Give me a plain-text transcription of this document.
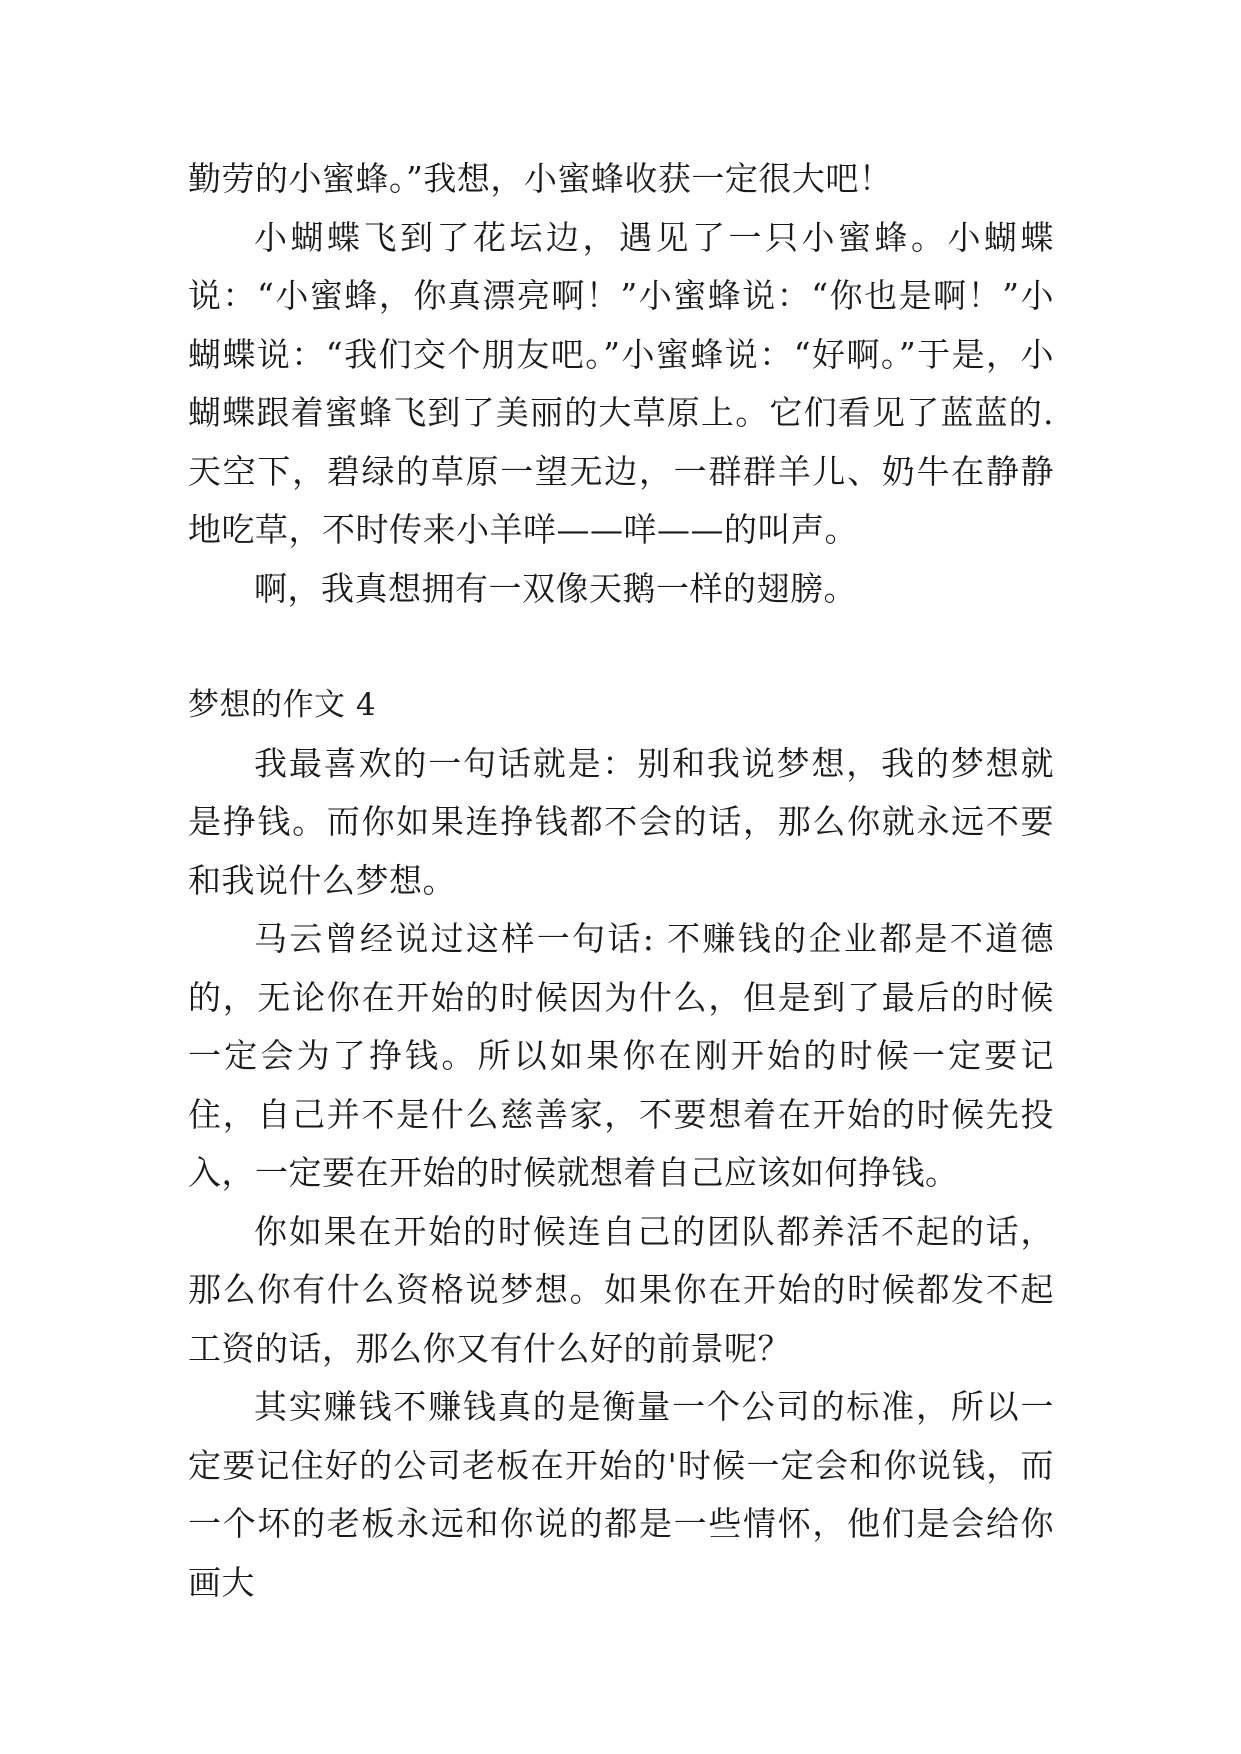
勤劳的小蜜蜂。”我想，小蜜蜂收获一定很大吧！

小蝴蝶飞到了花坛边，遇见了一只小蜜蜂。小蝴蝶说：“小蜜蜂，你真漂亮啊！”小蜜蜂说：“你也是啊！”小蝴蝶说：“我们交个朋友吧。”小蜜蜂说：“好啊。”于是，小蝴蝶跟着蜜蜂飞到了美丽的大草原上。它们看见了蓝蓝的.天空下，碧绿的草原一望无边，一群群羊儿、奶牛在静静地吃草，不时传来小羊咩——咩——的叫声。

啊，我真想拥有一双像天鹅一样的翅膀。

梦想的作文 4

我最喜欢的一句话就是：别和我说梦想，我的梦想就是挣钱。而你如果连挣钱都不会的话，那么你就永远不要和我说什么梦想。

马云曾经说过这样一句话: 不赚钱的企业都是不道德的，无论你在开始的时候因为什么，但是到了最后的时候一定会为了挣钱。所以如果你在刚开始的时候一定要记住，自己并不是什么慈善家，不要想着在开始的时候先投入，一定要在开始的时候就想着自己应该如何挣钱。

你如果在开始的时候连自己的团队都养活不起的话，那么你有什么资格说梦想。如果你在开始的时候都发不起工资的话，那么你又有什么好的前景呢？

其实赚钱不赚钱真的是衡量一个公司的标准，所以一定要记住好的公司老板在开始的'时候一定会和你说钱，而一个坏的老板永远和你说的都是一些情怀，他们是会给你画大
